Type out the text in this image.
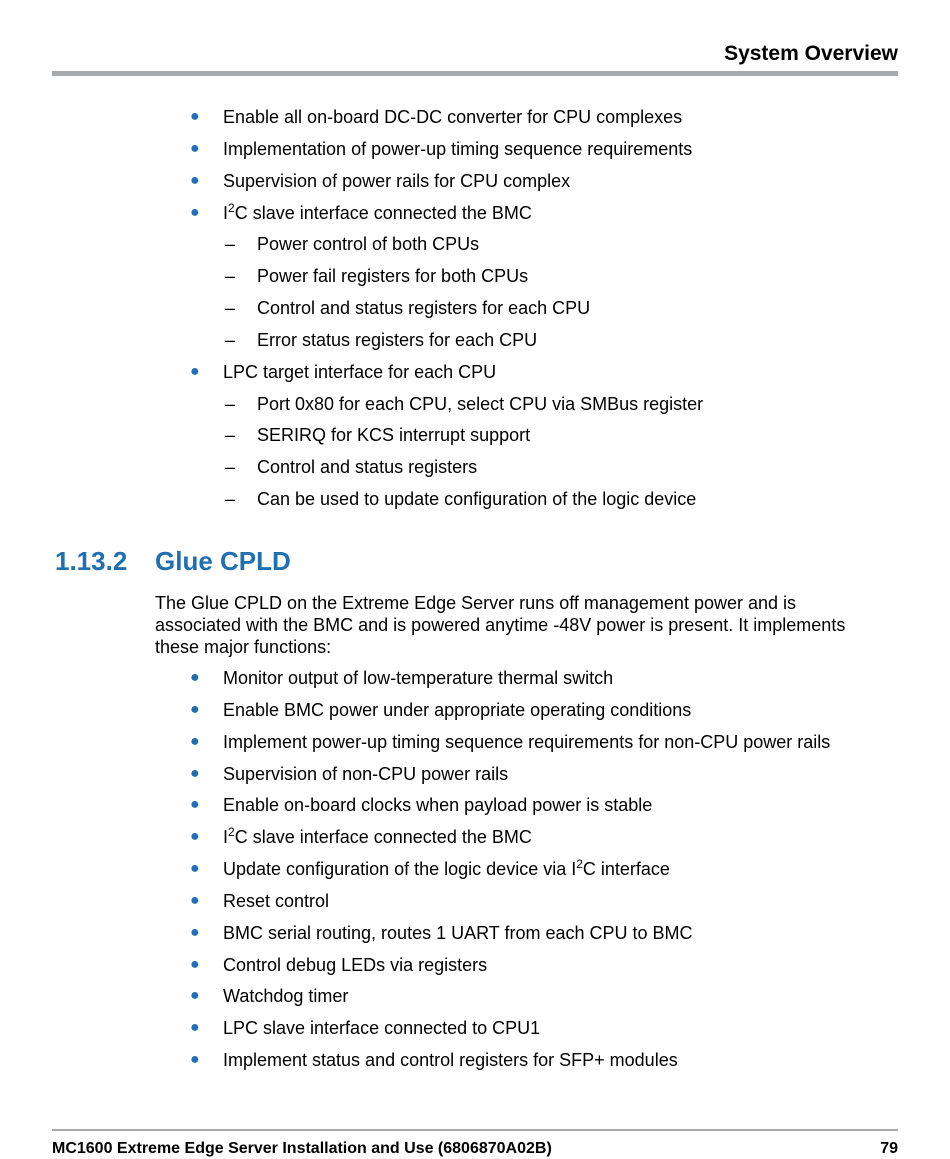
System Overview
● Enable all on-board DC-DC converter for CPU complexes
● Implementation of power-up timing sequence requirements
● Supervision of power rails for CPU complex
● $I^2C$ slave interface connected the BMC
– Power control of both CPUs
– Power fail registers for both CPUs
– Control and status registers for each CPU
– Error status registers for each CPU
● LPC target interface for each CPU
– Port 0x80 for each CPU, select CPU via SMBus register
– SERIRQ for KCS interrupt support
– Control and status registers
– Can be used to update configuration of the logic device
1.13.2 Glue CPLD

The Glue CPLD on the Extreme Edge Server runs off management power and is associated with the BMC and is powered anytime -48V power is present. It implements these major functions:

● Monitor output of low-temperature thermal switch
● Enable BMC power under appropriate operating conditions
● Implement power-up timing sequence requirements for non-CPU power rails
● Supervision of non-CPU power rails
● Enable on-board clocks when payload power is stable
● $I^2C$ slave interface connected the BMC
● Update configuration of the logic device via $I^2C$ interface
● Reset control
● BMC serial routing, routes 1 UART from each CPU to BMC
● Control debug LEDs via registers
● Watchdog timer
● LPC slave interface connected to CPU1
● Implement status and control registers for SFP+ modules
MC1600 Extreme Edge Server Installation and Use (6806870A02B)	79
